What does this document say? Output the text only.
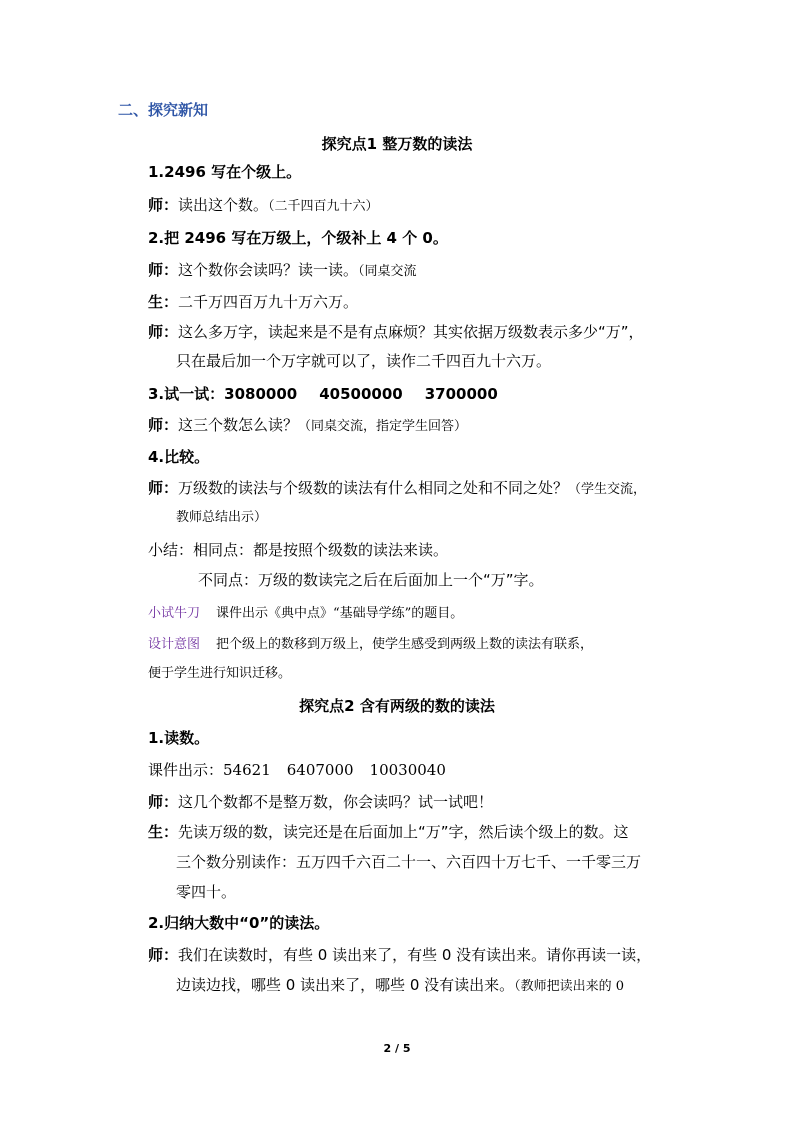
二、探究新知
探究点1 整万数的读法
1.2496 写在个级上。
师：读出这个数。（二千四百九十六）
2.把 2496 写在万级上，个级补上 4 个 0。
师：这个数你会读吗？读一读。（同桌交流
生：二千万四百万九十万六万。
师：这么多万字，读起来是不是有点麻烦？其实依据万级数表示多少“万”，
只在最后加一个万字就可以了，读作二千四百九十六万。
3.试一试：3080000 40500000 3700000
师：这三个数怎么读？（同桌交流，指定学生回答）
4.比较。
师：万级数的读法与个级数的读法有什么相同之处和不同之处？（学生交流，
教师总结出示）
小结：相同点：都是按照个级数的读法来读。
不同点：万级的数读完之后在后面加上一个“万”字。
小试牛刀 课件出示《典中点》“基础导学练”的题目。
设计意图 把个级上的数移到万级上，使学生感受到两级上数的读法有联系，
便于学生进行知识迁移。
探究点2 含有两级的数的读法
1.读数。
课件出示：54621 6407000 10030040
师：这几个数都不是整万数，你会读吗？试一试吧！
生：先读万级的数，读完还是在后面加上“万”字，然后读个级上的数。这
三个数分别读作：五万四千六百二十一、六百四十万七千、一千零三万
零四十。
2.归纳大数中“0”的读法。
师：我们在读数时，有些 0 读出来了，有些 0 没有读出来。请你再读一读，
边读边找，哪些 0 读出来了，哪些 0 没有读出来。（教师把读出来的 0
2 / 5
